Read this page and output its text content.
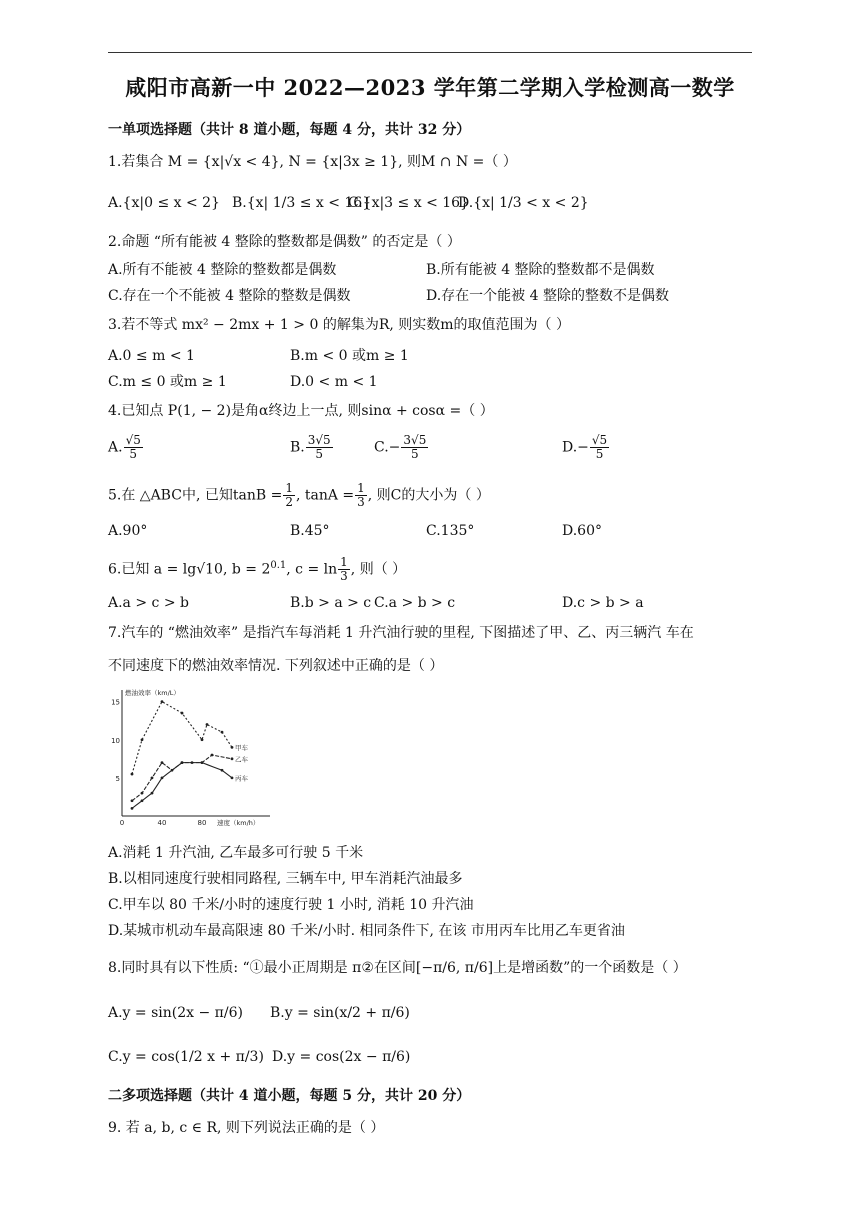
咸阳市高新一中 2022—2023 学年第二学期入学检测高一数学
一单项选择题（共计 8 道小题，每题 4 分，共计 32 分）
1.若集合 M = {x|√x < 4}, N = {x|3x ≥ 1}, 则M ∩ N =（ ）
A.{x|0 ≤ x < 2} B.{x| 1/3 ≤ x < 16}
C.{x|3 ≤ x < 16}
D.{x| 1/3 < x < 2}
2.命题 “所有能被 4 整除的整数都是偶数” 的否定是（ ）
A.所有不能被 4 整除的整数都是偶数	B.所有能被 4 整除的整数都不是偶数
C.存在一个不能被 4 整除的整数是偶数	D.存在一个能被 4 整除的整数不是偶数
3.若不等式 mx² − 2mx + 1 > 0 的解集为R, 则实数m的取值范围为（ ）
A.0 ≤ m < 1	B.m < 0 或m ≥ 1
C.m ≤ 0 或m ≥ 1	D.0 < m < 1
4.已知点 P(1, − 2)是角α终边上一点, 则sinα + cosα =（ ）
A. $\frac{√5}{5}$	B. $\frac{3√5}{5}$	$C.- \frac{3√5}{5}$	$D.- \frac{√5}{5}$
5.在 △ABC中, 已知$\tan B = \frac{1}{2}$ , $\tan A = \frac{1}{3}$ , 则C的大小为（ ）
A.90°	B.45°	C.135°	D.60°
6.已知 a = lg√10, $b = 2^{0.1}$, $c = \ln \frac{1}{3}$ , 则（ ）
A.a > c > b	B.b > a > c C.a > b > c	D.c > b > a
7.汽车的 “燃油效率” 是指汽车每消耗 1 升汽油行驶的里程, 下图描述了甲、乙、丙三辆汽 车在
不同速度下的燃油效率情况. 下列叙述中正确的是（ ）
5
10
15
0	40	80
燃油效率（km/L）
速度（km/h）
甲车
乙车
丙车
A.消耗 1 升汽油, 乙车最多可行驶 5 千米
B.以相同速度行驶相同路程, 三辆车中, 甲车消耗汽油最多
C.甲车以 80 千米/小时的速度行驶 1 小时, 消耗 10 升汽油
D.某城市机动车最高限速 80 千米/小时. 相同条件下, 在该 市用丙车比用乙车更省油
8.同时具有以下性质: “①最小正周期是 π②在区间[−π/6, π/6]上是增函数”的一个函数是（ ）
A.y = sin(2x − π/6) B.y = sin(x/2 + π/6)
C.y = cos(1/2 x + π/3) D.y = cos(2x − π/6)
二多项选择题（共计 4 道小题，每题 5 分，共计 20 分）
9. 若 a, b, c ∈ R, 则下列说法正确的是（ ）
